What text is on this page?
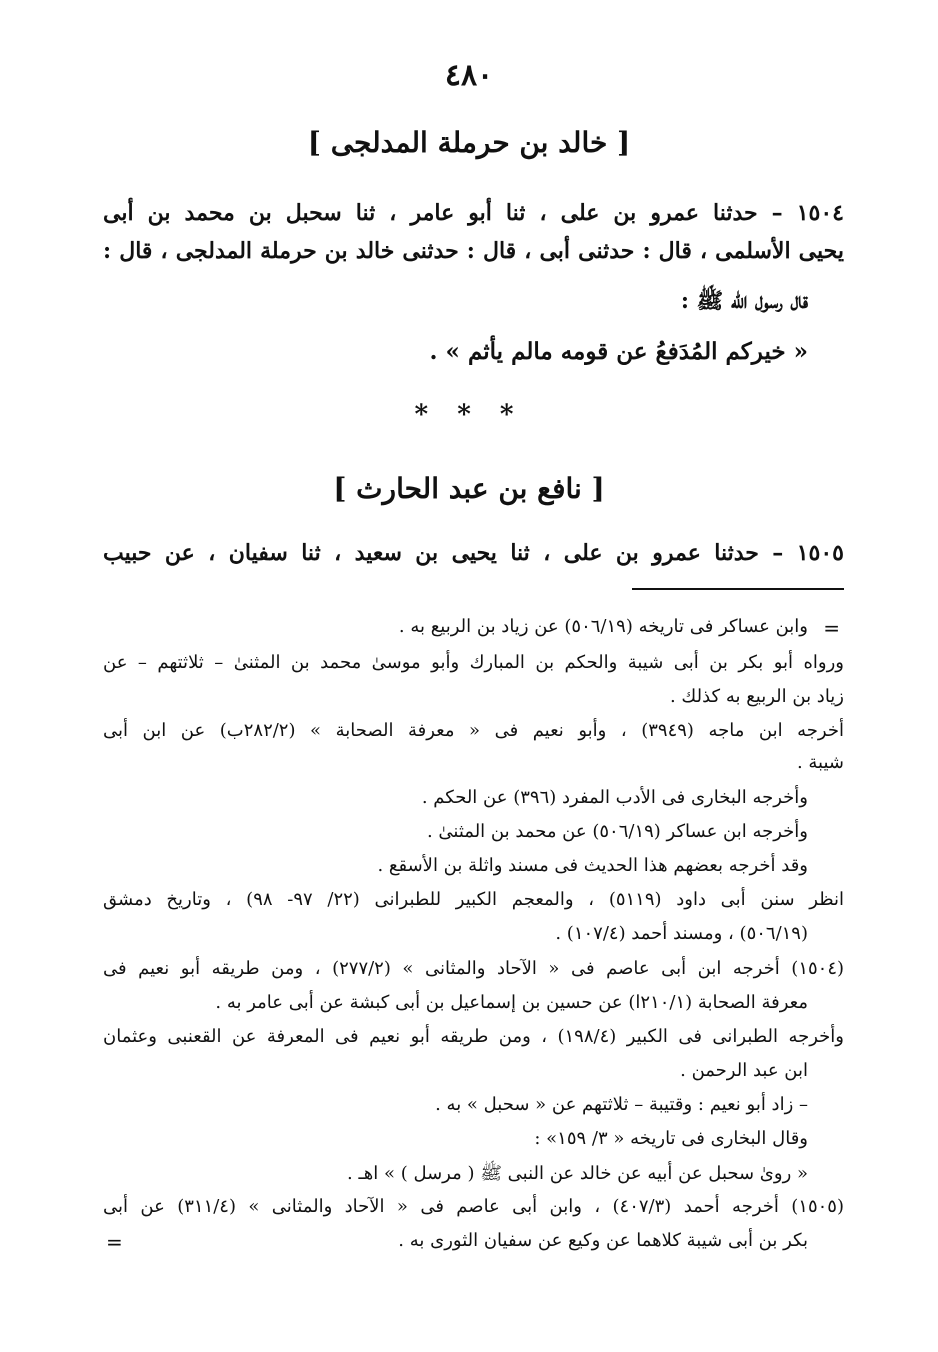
٤٨٠
[ خالد بن حرملة المدلجى ]
١٥٠٤ – حدثنا عمرو بن على ، ثنا أبو عامر ، ثنا سحبل بن محمد بن أبى
يحيى الأسلمى ، قال : حدثنى أبى ، قال : حدثنى خالد بن حرملة المدلجى ، قال :
قال رسول الله ﷺ :
« خيركم المُدَفعُ عن قومه مالم يأثم » .
* * *
[ نافع بن عبد الحارث ]
١٥٠٥ – حدثنا عمرو بن على ، ثنا يحيى بن سعيد ، ثنا سفيان ، عن حبيب
=
وابن عساكر فى تاريخه (٥٠٦/١٩) عن زياد بن الربيع به .
ورواه أبو بكر بن أبى شيبة والحكم بن المبارك وأبو موسىٰ محمد بن المثنىٰ – ثلاثتهم – عن
زياد بن الربيع به كذلك .
أخرجه ابن ماجه (٣٩٤٩) ، وأبو نعيم فى « معرفة الصحابة » (٢٨٢/٢ب) عن ابن أبى
شيبة .
وأخرجه البخارى فى الأدب المفرد (٣٩٦) عن الحكم .
وأخرجه ابن عساكر (٥٠٦/١٩) عن محمد بن المثنىٰ .
وقد أخرجه بعضهم هذا الحديث فى مسند واثلة بن الأسقع .
انظر سنن أبى داود (٥١١٩) ، والمعجم الكبير للطبرانى (٢٢/ ٩٧- ٩٨) ، وتاريخ دمشق
(٥٠٦/١٩) ، ومسند أحمد (١٠٧/٤) .
(١٥٠٤) أخرجه ابن أبى عاصم فى « الآحاد والمثانى » (٢٧٧/٢) ، ومن طريقه أبو نعيم فى
معرفة الصحابة (٢١٠/١ا) عن حسين بن إسماعيل بن أبى كبشة عن أبى عامر به .
وأخرجه الطبرانى فى الكبير (١٩٨/٤) ، ومن طريقه أبو نعيم فى المعرفة عن القعنبى وعثمان
ابن عبد الرحمن .
– زاد أبو نعيم : وقتيبة – ثلاثتهم عن « سحبل » به .
وقال البخارى فى تاريخه « ٣/ ١٥٩» :
« روىٰ سحبل عن أبيه عن خالد عن النبى ﷺ ( مرسل ) » اهـ .
(١٥٠٥) أخرجه أحمد (٤٠٧/٣) ، وابن أبى عاصم فى « الآحاد والمثانى » (٣١١/٤) عن أبى
بكر بن أبى شيبة كلاهما عن وكيع عن سفيان الثورى به .
=
